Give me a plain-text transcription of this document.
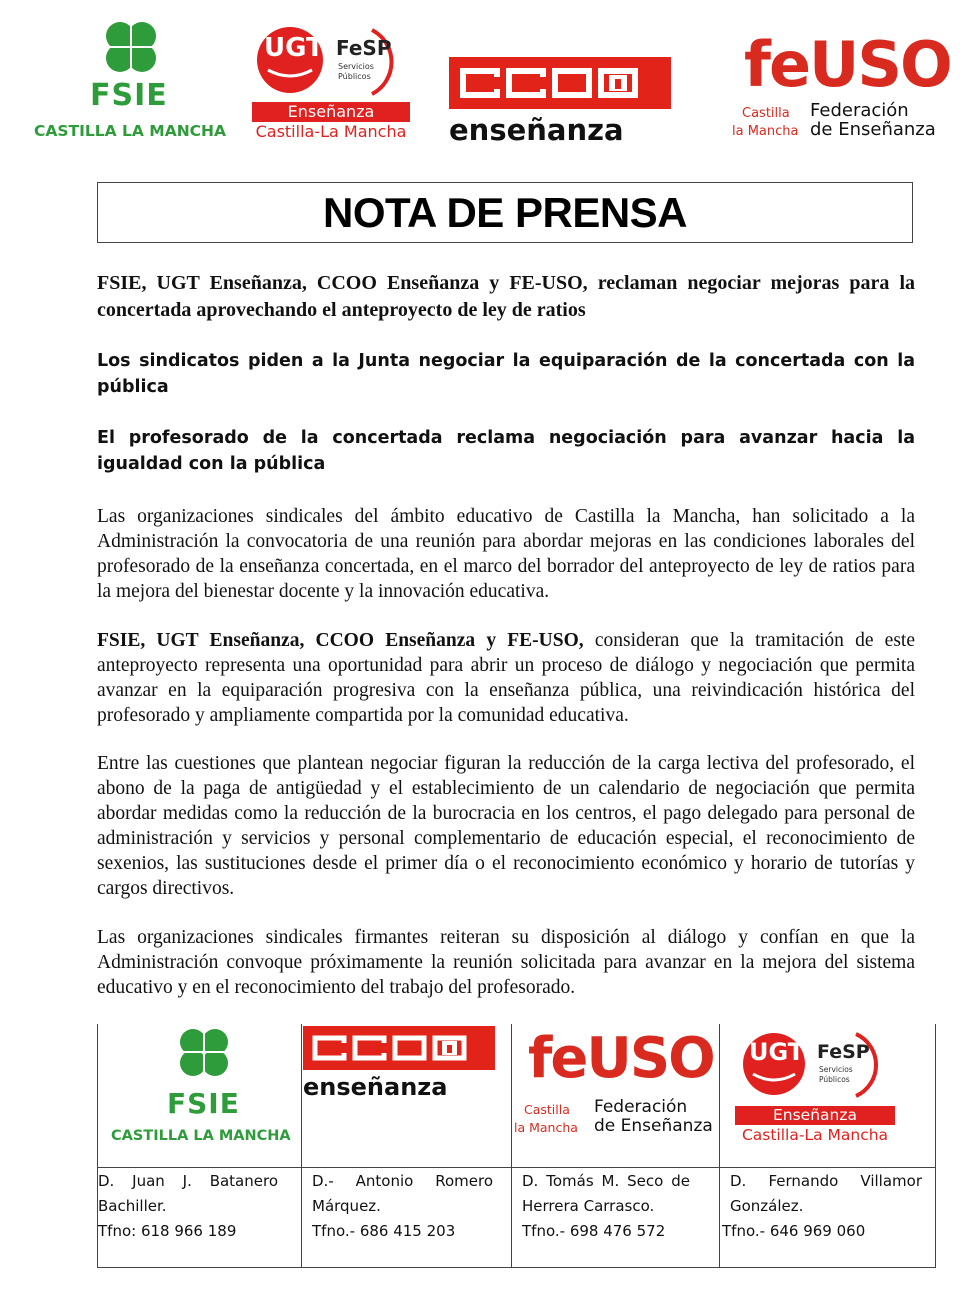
FSIE
CASTILLA LA MANCHA
UGT FeSP
Servicios
Públicos
Enseñanza
Castilla-La Mancha enseñanza
feUSO
Castilla
la Mancha
Federación
de Enseñanza
NOTA DE PRENSA
FSIE, UGT Enseñanza, CCOO Enseñanza y FE-USO, reclaman negociar mejoras para la concertada aprovechando el anteproyecto de ley de ratios
Los sindicatos piden a la Junta negociar la equiparación de la concertada con la pública
El profesorado de la concertada reclama negociación para avanzar hacia la igualdad con la pública
Las organizaciones sindicales del ámbito educativo de Castilla la Mancha, han solicitado a la Administración la convocatoria de una reunión para abordar mejoras en las condiciones laborales del profesorado de la enseñanza concertada, en el marco del borrador del anteproyecto de ley de ratios para la mejora del bienestar docente y la innovación educativa.
FSIE, UGT Enseñanza, CCOO Enseñanza y FE-USO, consideran que la tramitación de este anteproyecto representa una oportunidad para abrir un proceso de diálogo y negociación que permita avanzar en la equiparación progresiva con la enseñanza pública, una reivindicación histórica del profesorado y ampliamente compartida por la comunidad educativa.
Entre las cuestiones que plantean negociar figuran la reducción de la carga lectiva del profesorado, el abono de la paga de antigüedad y el establecimiento de un calendario de negociación que permita abordar medidas como la reducción de la burocracia en los centros, el pago delegado para personal de administración y servicios y personal complementario de educación especial, el reconocimiento de sexenios, las sustituciones desde el primer día o el reconocimiento económico y horario de tutorías y cargos directivos.
Las organizaciones sindicales firmantes reiteran su disposición al diálogo y confían en que la Administración convoque próximamente la reunión solicitada para avanzar en la mejora del sistema educativo y en el reconocimiento del trabajo del profesorado.
FSIE
CASTILLA LA MANCHA
enseñanza feUSO
Castilla
la Mancha
Federación
de Enseñanza
UGT FeSP
Servicios
Públicos
Enseñanza
Castilla-La Mancha
D. Juan J. Batanero Bachiller.
Tfno: 618 966 189
D.- Antonio Romero Márquez.
Tfno.- 686 415 203
D. Tomás M. Seco de Herrera Carrasco.
Tfno.- 698 476 572
D. Fernando Villamor González.
Tfno.- 646 969 060
